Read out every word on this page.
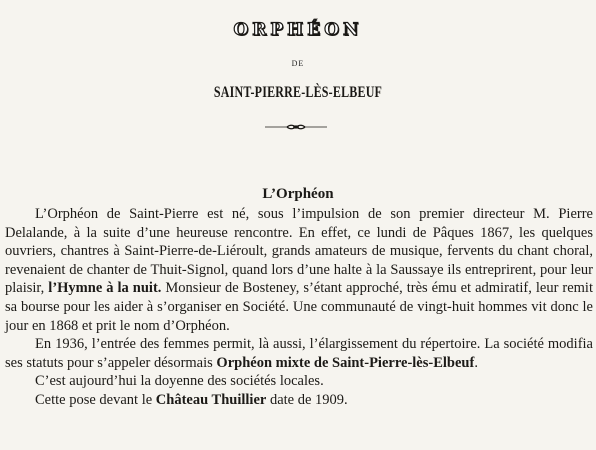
ORPHÉON
DE
SAINT-PIERRE-LÈS-ELBEUF
L’Orphéon

L’Orphéon de Saint-Pierre est né, sous l’impulsion de son premier directeur M. Pierre Delalande, à la suite d’une heureuse rencontre. En effet, ce lundi de Pâques 1867, les quelques ouvriers, chantres à Saint-Pierre-de-Liéroult, grands amateurs de musique, fervents du chant choral, revenaient de chanter de Thuit-Signol, quand lors d’une halte à la Saussaye ils entreprirent, pour leur plaisir, l’Hymne à la nuit. Monsieur de Bosteney, s’étant approché, très ému et admiratif, leur remit sa bourse pour les aider à s’organiser en Société. Une communauté de vingt-huit hommes vit donc le jour en 1868 et prit le nom d’Orphéon.

En 1936, l’entrée des femmes permit, là aussi, l’élargissement du répertoire. La société modifia ses statuts pour s’appeler désormais Orphéon mixte de Saint-Pierre-lès-Elbeuf.

C’est aujourd’hui la doyenne des sociétés locales.

Cette pose devant le Château Thuillier date de 1909.
